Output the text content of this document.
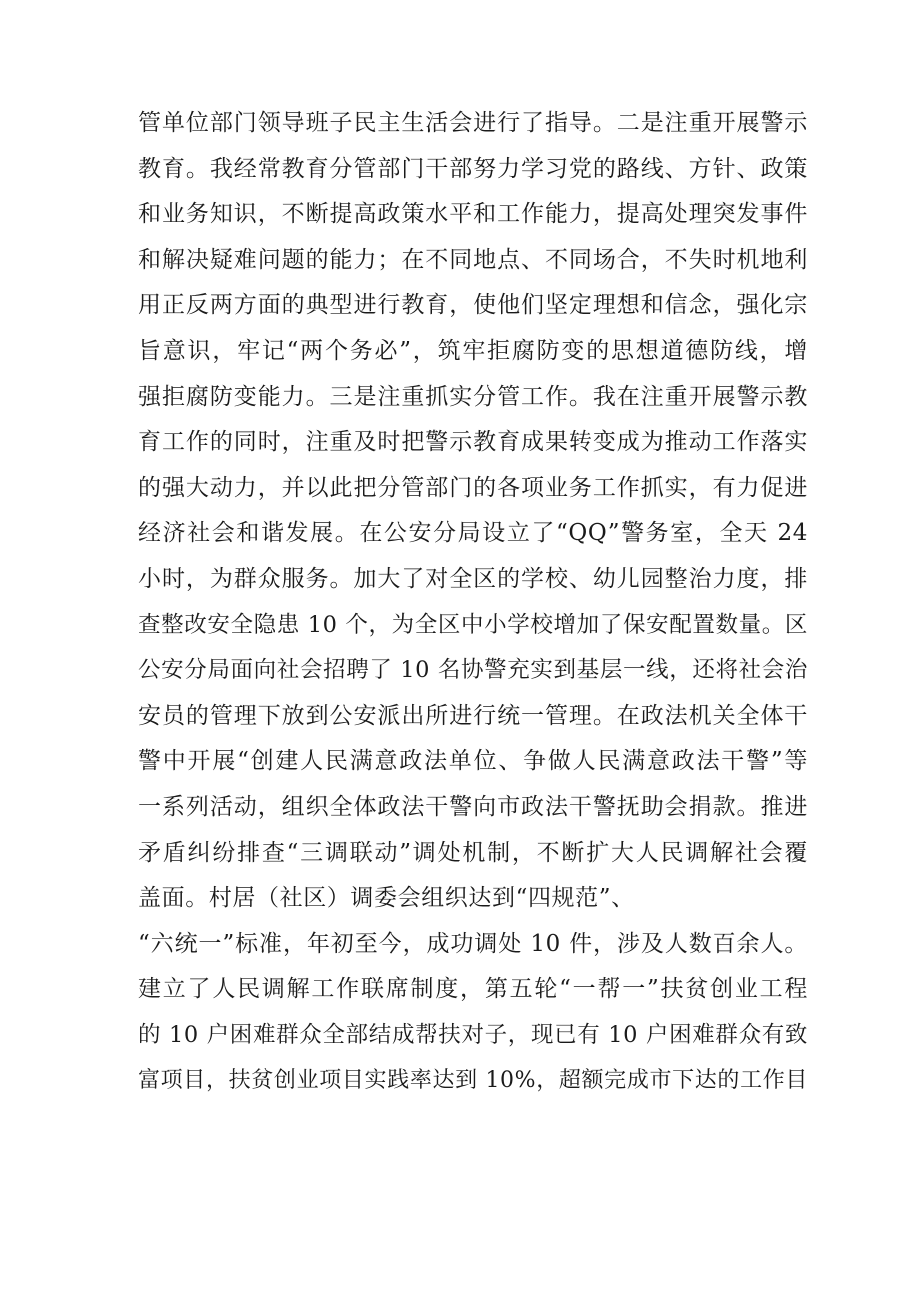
管单位部门领导班子民主生活会进行了指导。二是注重开展警示
教育。我经常教育分管部门干部努力学习党的路线、方针、政策
和业务知识，不断提高政策水平和工作能力，提高处理突发事件
和解决疑难问题的能力；在不同地点、不同场合，不失时机地利
用正反两方面的典型进行教育，使他们坚定理想和信念，强化宗
旨意识，牢记“两个务必”，筑牢拒腐防变的思想道德防线，增
强拒腐防变能力。三是注重抓实分管工作。我在注重开展警示教
育工作的同时，注重及时把警示教育成果转变成为推动工作落实
的强大动力，并以此把分管部门的各项业务工作抓实，有力促进
经济社会和谐发展。在公安分局设立了“QQ”警务室，全天 24
小时，为群众服务。加大了对全区的学校、幼儿园整治力度，排
查整改安全隐患 10 个，为全区中小学校增加了保安配置数量。区
公安分局面向社会招聘了 10 名协警充实到基层一线，还将社会治
安员的管理下放到公安派出所进行统一管理。在政法机关全体干
警中开展“创建人民满意政法单位、争做人民满意政法干警”等
一系列活动，组织全体政法干警向市政法干警抚助会捐款。推进
矛盾纠纷排查“三调联动”调处机制，不断扩大人民调解社会覆
盖面。村居（社区）调委会组织达到“四规范”、
“六统一”标准，年初至今，成功调处 10 件，涉及人数百余人。
建立了人民调解工作联席制度，第五轮“一帮一”扶贫创业工程
的 10 户困难群众全部结成帮扶对子，现已有 10 户困难群众有致
富项目，扶贫创业项目实践率达到 10%，超额完成市下达的工作目
